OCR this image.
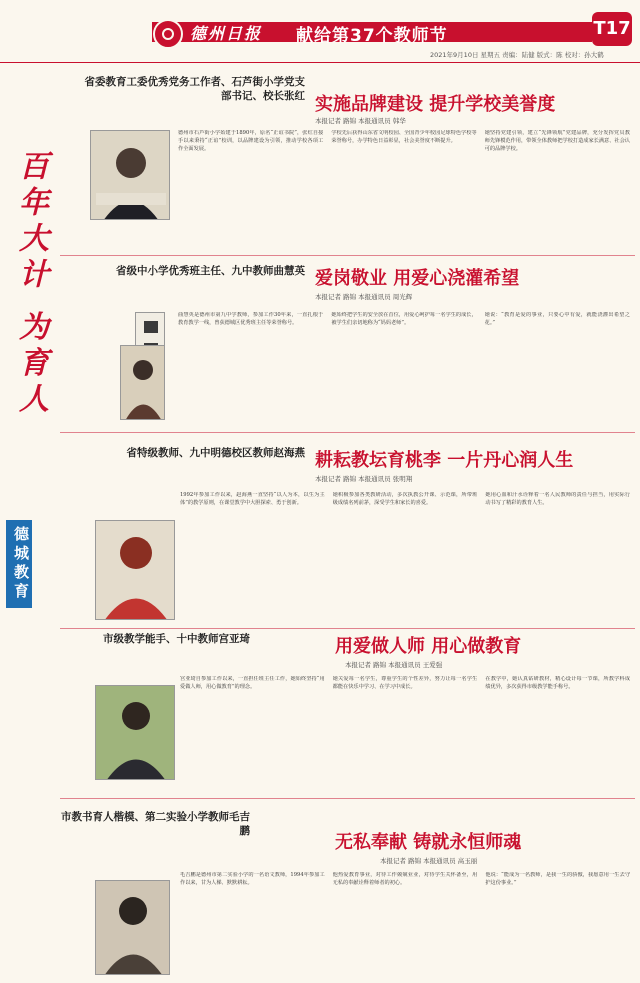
德州日报 献给第37个教师节	T17
2021年9月10日 星期五 责编：陆健 版式：陈 校对：孙大鹤
百年大计 为育人
德城教育
省委教育工委优秀党务工作者、石芦街小学党支部书记、校长张红 实施品牌建设 提升学校美誉度
本报记者 路锦 本报通讯员 韩华
德州市石芦街小学始建于1890年，原名“正谊书院”，张红自接手以来秉持“正谊”校训，以品牌建设为引领，推动学校各项工作全面发展。
学校先后获得山东省文明校园、全国青少年校园足球特色学校等荣誉称号，办学特色日益彰显，社会美誉度不断提升。
她坚持党建引领，建立“先锋领航”党建品牌，充分发挥党员教师先锋模范作用，带领全体教师把学校打造成家长满意、社会认可的品牌学校。
省级中小学优秀班主任、九中教师曲慧英 爱岗敬业 用爱心浇灌希望
本报记者 路锦 本报通讯员 周光辉
曲慧英是德州市第九中学教师，参加工作30年来，一直扎根于教育教学一线，曾获德城区优秀班主任等荣誉称号。
她始终把学生的安全放在首位，用爱心呵护每一名学生的成长，被学生们亲切地称为“妈妈老师”。
她说：“教育是爱的事业，只要心中有爱，就能浇灌出希望之花。”
省特级教师、九中明德校区教师赵海燕 耕耘教坛育桃李 一片丹心润人生
本报记者 路锦 本报通讯员 张明翔
1992年参加工作以来，赵海燕一直坚持“以人为本，以生为主体”的教学原则，在课堂教学中大胆探索、勇于创新。
她积极参加各类教研活动，多次执教公开课、示范课，所带班级成绩名列前茅，深受学生和家长的喜爱。
她用心血和汗水诠释着一名人民教师的责任与担当，用实际行动书写了精彩的教育人生。
市级教学能手、十中教师宫亚琦	用爱做人师 用心做教育
本报记者 路锦 本报通讯员 王爱强
宫亚琦自参加工作以来，一直担任班主任工作，她始终坚持“用爱做人师，用心做教育”的理念。
她关爱每一名学生，尊重学生的个性差异，努力让每一名学生都能在快乐中学习、在学习中成长。
在教学中，她认真钻研教材，精心设计每一节课，所教学科成绩优异，多次获得市级教学能手称号。
市教书育人楷模、第二实验小学教师毛吉鹏
无私奉献 铸就永恒师魂
本报记者 路锦 本报通讯员 高玉丽
毛吉鹏是德州市第二实验小学的一名语文教师，1994年参加工作以来，甘为人梯、默默耕耘。
他热爱教育事业，对待工作兢兢业业，对待学生关怀备至，用无私的奉献诠释着师者的初心。
他说：“能成为一名教师，是我一生的骄傲，我愿意用一生去守护这份事业。”
